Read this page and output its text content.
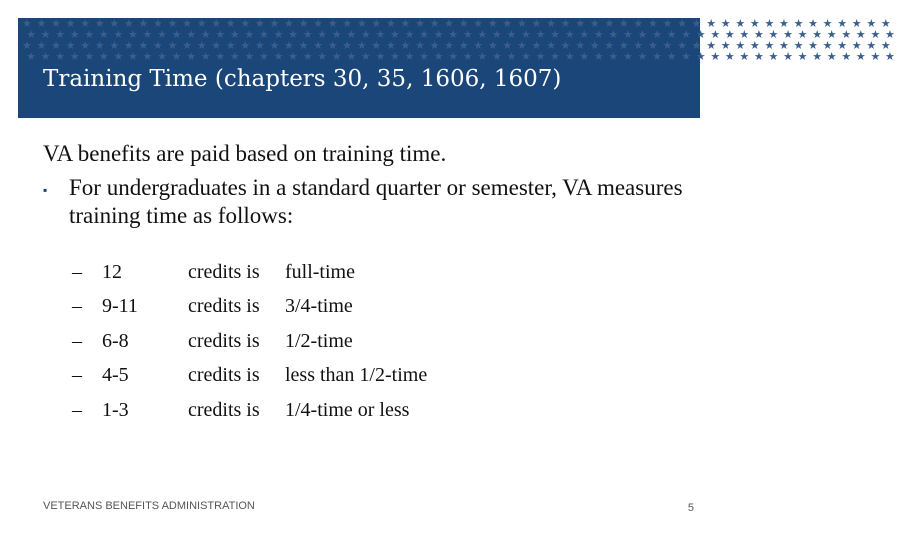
★ ★ ★ ★ ★ ★ ★ ★ ★ ★ ★ ★ ★ ★ ★ ★ ★ ★ ★ ★ ★ ★ ★ ★ ★ ★ ★ ★ ★ ★ ★ ★ ★ ★ ★ ★ ★ ★ ★ ★ ★ ★ ★ ★ ★ ★ ★ ★ ★ ★ ★ ★ ★ ★ ★ ★ ★ ★ ★ ★
★ ★ ★ ★ ★ ★ ★ ★ ★ ★ ★ ★ ★ ★ ★ ★ ★ ★ ★ ★ ★ ★ ★ ★ ★ ★ ★ ★ ★ ★ ★ ★ ★ ★ ★ ★ ★ ★ ★ ★ ★ ★ ★ ★ ★ ★ ★ ★ ★ ★ ★ ★ ★ ★ ★ ★ ★ ★ ★ ★
★ ★ ★ ★ ★ ★ ★ ★ ★ ★ ★ ★ ★ ★ ★ ★ ★ ★ ★ ★ ★ ★ ★ ★ ★ ★ ★ ★ ★ ★ ★ ★ ★ ★ ★ ★ ★ ★ ★ ★ ★ ★ ★ ★ ★ ★ ★ ★ ★ ★ ★ ★ ★ ★ ★ ★ ★ ★ ★ ★
★ ★ ★ ★ ★ ★ ★ ★ ★ ★ ★ ★ ★ ★ ★ ★ ★ ★ ★ ★ ★ ★ ★ ★ ★ ★ ★ ★ ★ ★ ★ ★ ★ ★ ★ ★ ★ ★ ★ ★ ★ ★ ★ ★ ★ ★ ★ ★ ★ ★ ★ ★ ★ ★ ★ ★ ★ ★ ★ ★
Training Time (chapters 30, 35, 1606, 1607)

VA benefits are paid based on training time.

▪ For undergraduates in a standard quarter or semester, VA measures training time as follows:
–	12	credits is	full-time
–	9-11	credits is	3/4-time
–	6-8	credits is	1/2-time
–	4-5	credits is	less than 1/2-time
–	1-3	credits is	1/4-time or less
VETERANS BENEFITS ADMINISTRATION	5
